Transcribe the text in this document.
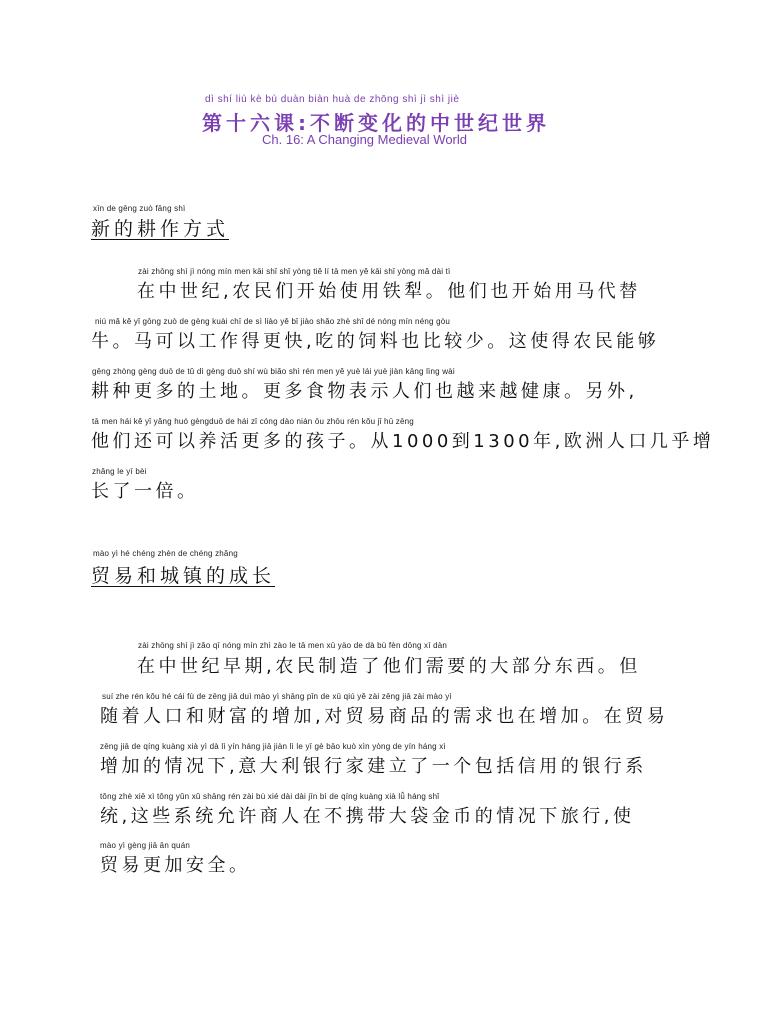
dì shí liù kè bù duàn biàn huà de zhōng shì jì shì jiè
第十六课:不断变化的中世纪世界
Ch. 16: A Changing Medieval World
xīn de gēng zuò fāng shì
新的耕作方式
zài zhōng shì jì nóng mín men kāi shǐ shǐ yòng tiě lí tā men yě kāi shǐ yòng mǎ dài tì
在中世纪,农民们开始使用铁犁。他们也开始用马代替
niú mǎ kě yǐ gōng zuò de gèng kuài chī de sì liào yě bǐ jiào shǎo zhè shǐ dé nóng mín néng gòu
牛。马可以工作得更快,吃的饲料也比较少。这使得农民能够
gēng zhòng gèng duō de tǔ dì gèng duō shí wù biǎo shì rén men yě yuè lái yuè jiàn kāng lìng wài
耕种更多的土地。更多食物表示人们也越来越健康。另外,
tā men hái kě yǐ yǎng huó gèngduō de hái zǐ cóng dào nián ōu zhōu rén kǒu jǐ hū zēng
他们还可以养活更多的孩子。从1000到1300年,欧洲人口几乎增
zhǎng le yī bèi
长了一倍。
mào yì hé chéng zhèn de chéng zhǎng
贸易和城镇的成长
zài zhōng shì jì zǎo qī nóng mín zhì zào le tā men xū yào de dà bù fèn dōng xī dàn
在中世纪早期,农民制造了他们需要的大部分东西。但
suí zhe rén kǒu hé cái fù de zēng jiā duì mào yì shāng pǐn de xū qiú yě zài zēng jiā zài mào yì
随着人口和财富的增加,对贸易商品的需求也在增加。在贸易
zēng jiā de qíng kuàng xià yì dà lì yín háng jiā jiàn lì le yī gè bāo kuò xìn yòng de yín háng xì
增加的情况下,意大利银行家建立了一个包括信用的银行系
tǒng zhè xiē xì tǒng yǔn xǔ shāng rén zài bù xié dài dài jīn bì de qíng kuàng xià lǚ háng shǐ
统,这些系统允许商人在不携带大袋金币的情况下旅行,使
mào yì gèng jiā ān quán
贸易更加安全。
